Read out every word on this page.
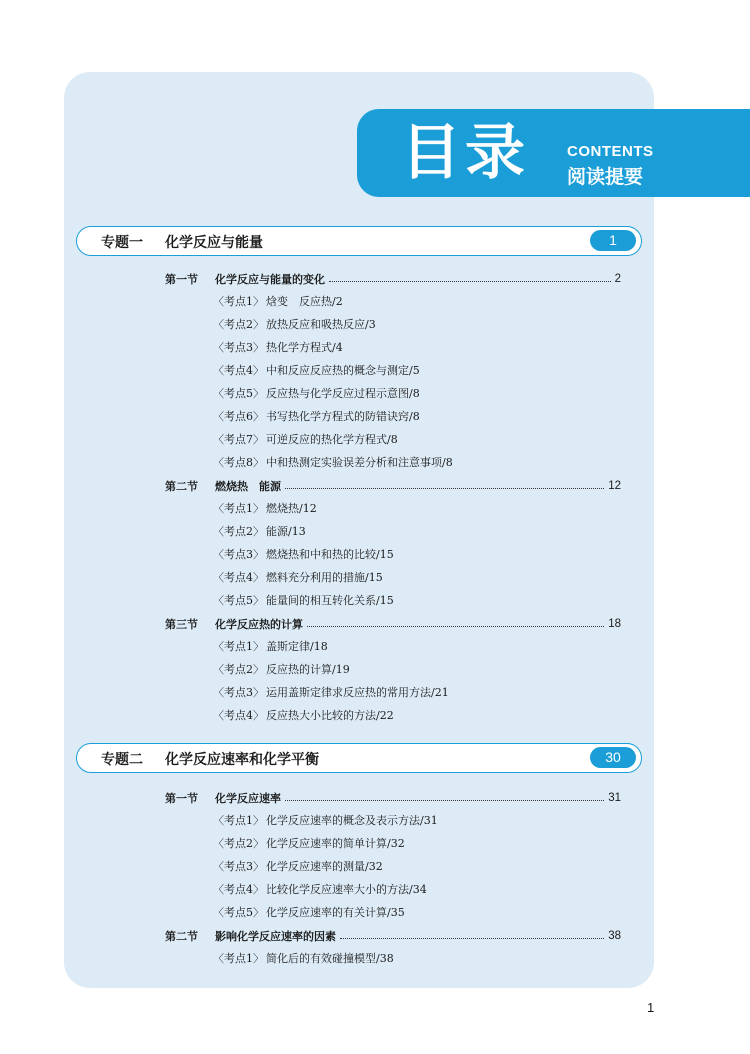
目录	CONTENTS
阅读提要
专题一 化学反应与能量	1
第一节	化学反应与能量的变化	2
〈考点1〉 焓变　反应热/2
〈考点2〉 放热反应和吸热反应/3
〈考点3〉 热化学方程式/4
〈考点4〉 中和反应反应热的概念与测定/5
〈考点5〉 反应热与化学反应过程示意图/8
〈考点6〉 书写热化学方程式的防错诀窍/8
〈考点7〉 可逆反应的热化学方程式/8
〈考点8〉 中和热测定实验误差分析和注意事项/8
第二节	燃烧热　能源	12
〈考点1〉 燃烧热/12
〈考点2〉 能源/13
〈考点3〉 燃烧热和中和热的比较/15
〈考点4〉 燃料充分利用的措施/15
〈考点5〉 能量间的相互转化关系/15
第三节	化学反应热的计算	18
〈考点1〉 盖斯定律/18
〈考点2〉 反应热的计算/19
〈考点3〉 运用盖斯定律求反应热的常用方法/21
〈考点4〉 反应热大小比较的方法/22
专题二 化学反应速率和化学平衡	30
第一节	化学反应速率	31
〈考点1〉 化学反应速率的概念及表示方法/31
〈考点2〉 化学反应速率的简单计算/32
〈考点3〉 化学反应速率的测量/32
〈考点4〉 比较化学反应速率大小的方法/34
〈考点5〉 化学反应速率的有关计算/35
第二节	影响化学反应速率的因素	38
〈考点1〉 简化后的有效碰撞模型/38
1
